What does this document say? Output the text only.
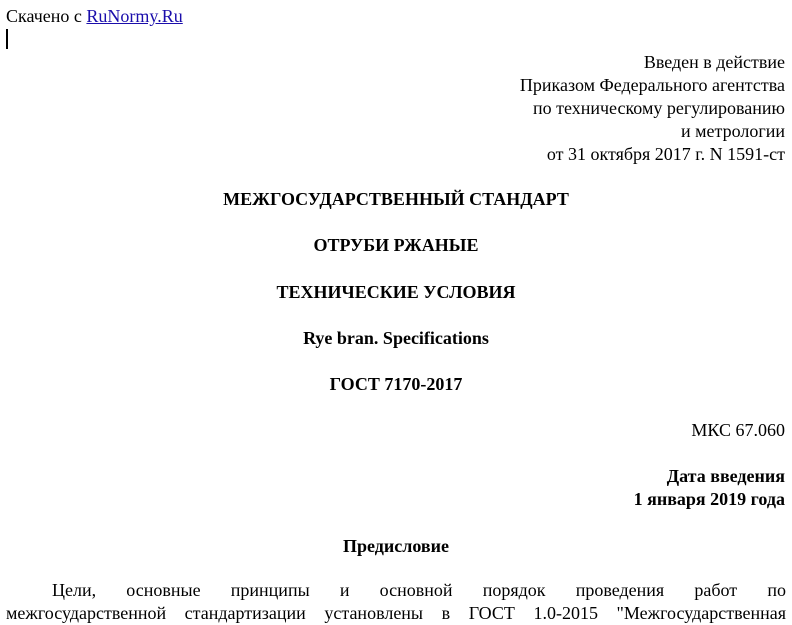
Скачено с RuNormy.Ru
Введен в действие
Приказом Федерального агентства
по техническому регулированию
и метрологии
от 31 октября 2017 г. N 1591-ст
МЕЖГОСУДАРСТВЕННЫЙ СТАНДАРТ
ОТРУБИ РЖАНЫЕ
ТЕХНИЧЕСКИЕ УСЛОВИЯ
Rye bran. Specifications
ГОСТ 7170-2017
МКС 67.060
Дата введения
1 января 2019 года
Предисловие
Цели, основные принципы и основной порядок проведения работ по
межгосударственной стандартизации установлены в ГОСТ 1.0-2015 "Межгосударственная
